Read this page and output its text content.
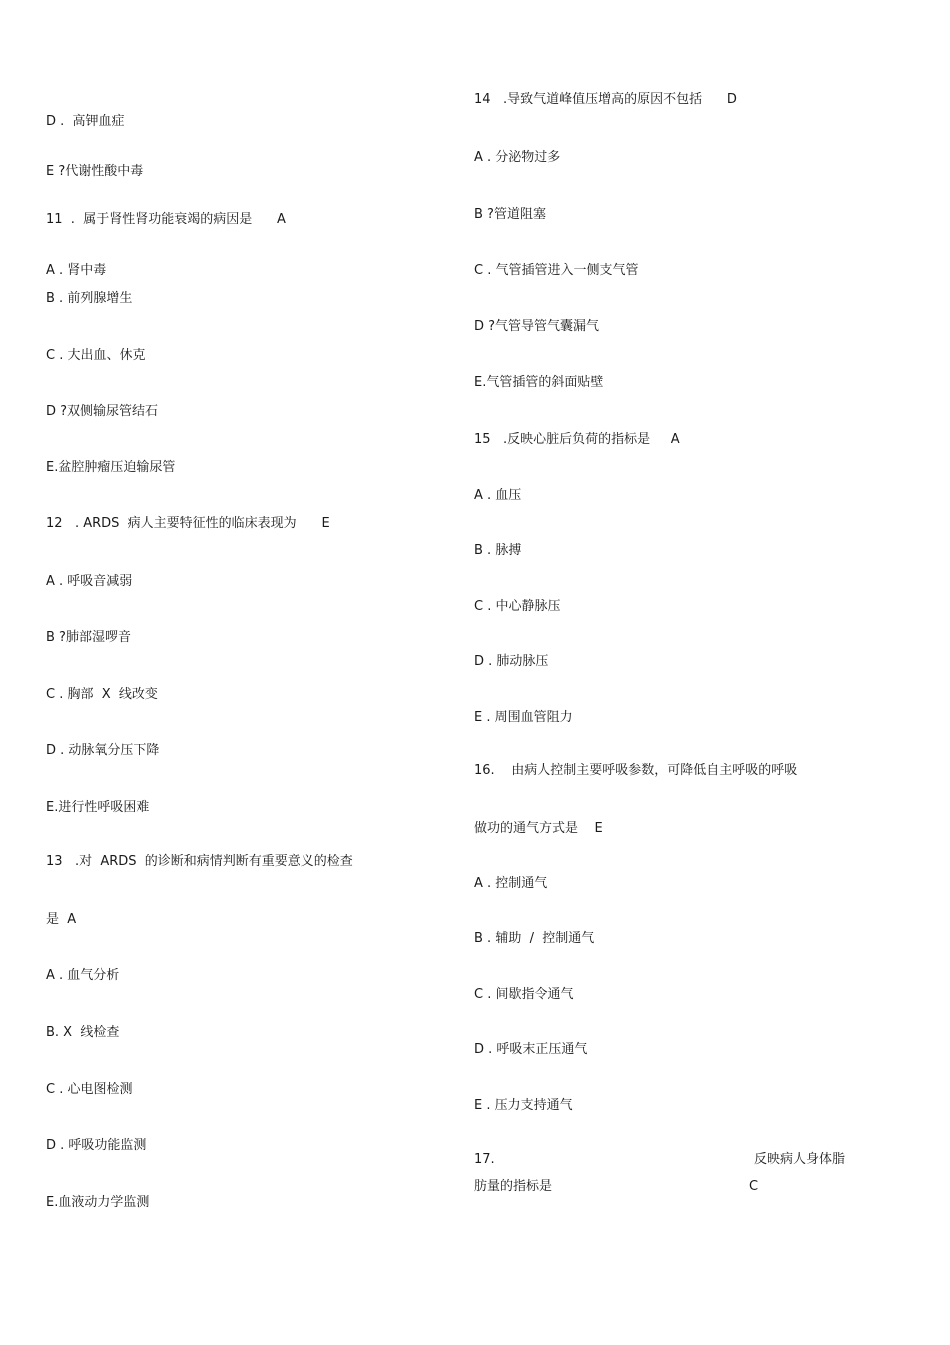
D .  高钾血症
E ?代谢性酸中毒
11  .  属于肾性肾功能衰竭的病因是      A
A . 肾中毒
B . 前列腺增生
C . 大出血、休克
D ?双侧输尿管结石
E.盆腔肿瘤压迫输尿管
12   . ARDS  病人主要特征性的临床表现为      E
A . 呼吸音减弱
B ?肺部湿啰音
C . 胸部  X  线改变
D . 动脉氧分压下降
E.进行性呼吸困难
13   .对  ARDS  的诊断和病情判断有重要意义的检查
是  A
A . 血气分析
B. X  线检查
C . 心电图检测
D . 呼吸功能监测
E.血液动力学监测
14   .导致气道峰值压增高的原因不包括      D
A . 分泌物过多
B ?管道阻塞
C . 气管插管进入一侧支气管
D ?气管导管气囊漏气
E.气管插管的斜面贴壁
15   .反映心脏后负荷的指标是     A
A . 血压
B . 脉搏
C . 中心静脉压
D . 肺动脉压
E . 周围血管阻力
16.    由病人控制主要呼吸参数，可降低自主呼吸的呼吸
做功的通气方式是    E
A . 控制通气
B . 辅助  /  控制通气
C . 间歇指令通气
D . 呼吸末正压通气
E . 压力支持通气
17.	反映病人身体脂
肪量的指标是	C
